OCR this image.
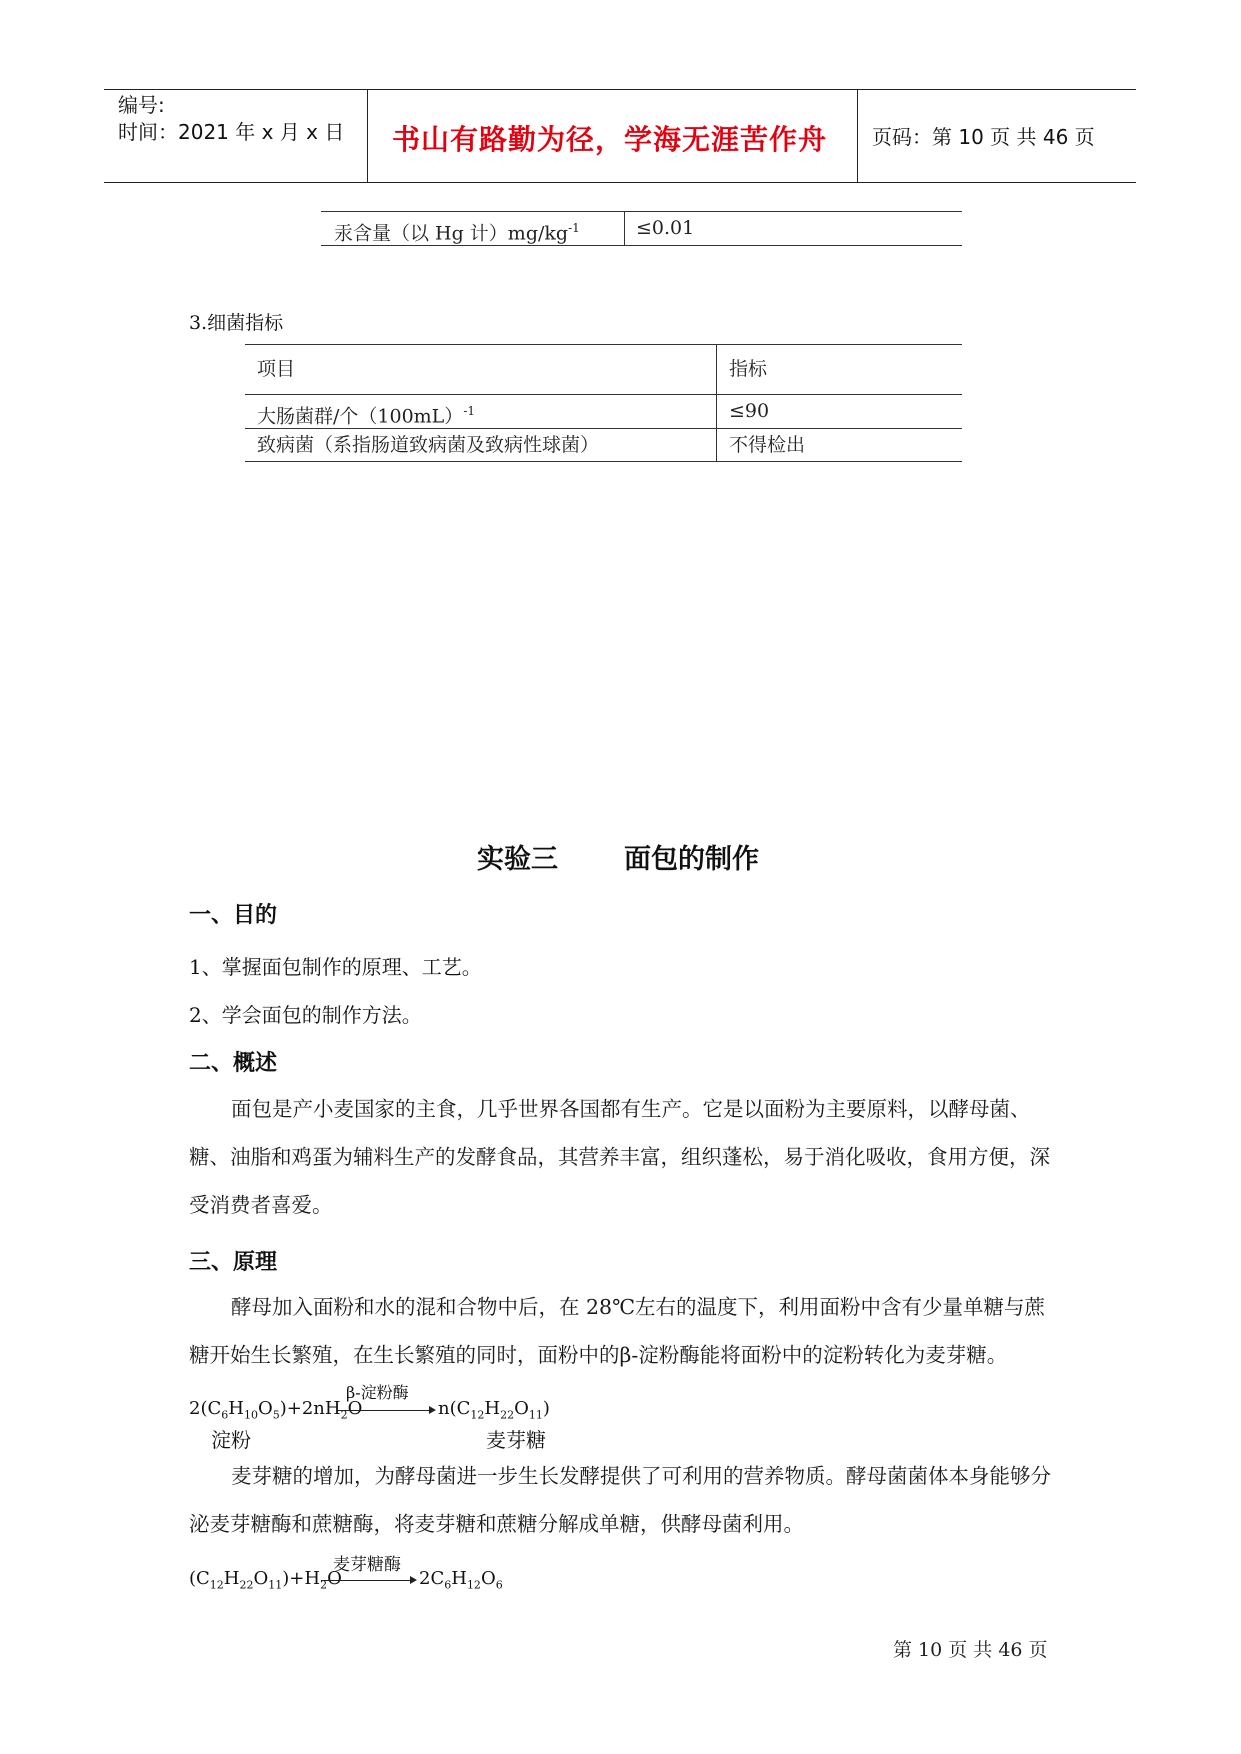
编号:
时间：2021 年 x 月 x 日 书山有路勤为径，学海无涯苦作舟 页码：第 10 页 共 46 页
汞含量（以 Hg 计）$mg/kg^{-1}$	≤0.01
3.细菌指标
项目	指标
大肠菌群/个$(100mL)^{-1}$	≤90
致病菌（系指肠道致病菌及致病性球菌）	不得检出
实验三 面包的制作
一、目的
1、掌握面包制作的原理、工艺。
2、学会面包的制作方法。
二、概述
面包是产小麦国家的主食，几乎世界各国都有生产。它是以面粉为主要原料，以酵母菌、糖、油脂和鸡蛋为辅料生产的发酵食品，其营养丰富，组织蓬松，易于消化吸收，食用方便，深受消费者喜爱。
三、原理
酵母加入面粉和水的混和合物中后，在 28℃左右的温度下，利用面粉中含有少量单糖与蔗糖开始生长繁殖，在生长繁殖的同时，面粉中的β-淀粉酶能将面粉中的淀粉转化为麦芽糖。
β-淀粉酶
$2(C_6H_{10}O_5)+2nH_2O$	$n(C_{12}H_{22}O_{11})$
淀粉	麦芽糖
麦芽糖的增加，为酵母菌进一步生长发酵提供了可利用的营养物质。酵母菌菌体本身能够分泌麦芽糖酶和蔗糖酶，将麦芽糖和蔗糖分解成单糖，供酵母菌利用。
麦芽糖酶
$(C_{12}H_{22}O_{11})+H_2O$	$2C_6H_{12}O_6$
第 10 页 共 46 页
